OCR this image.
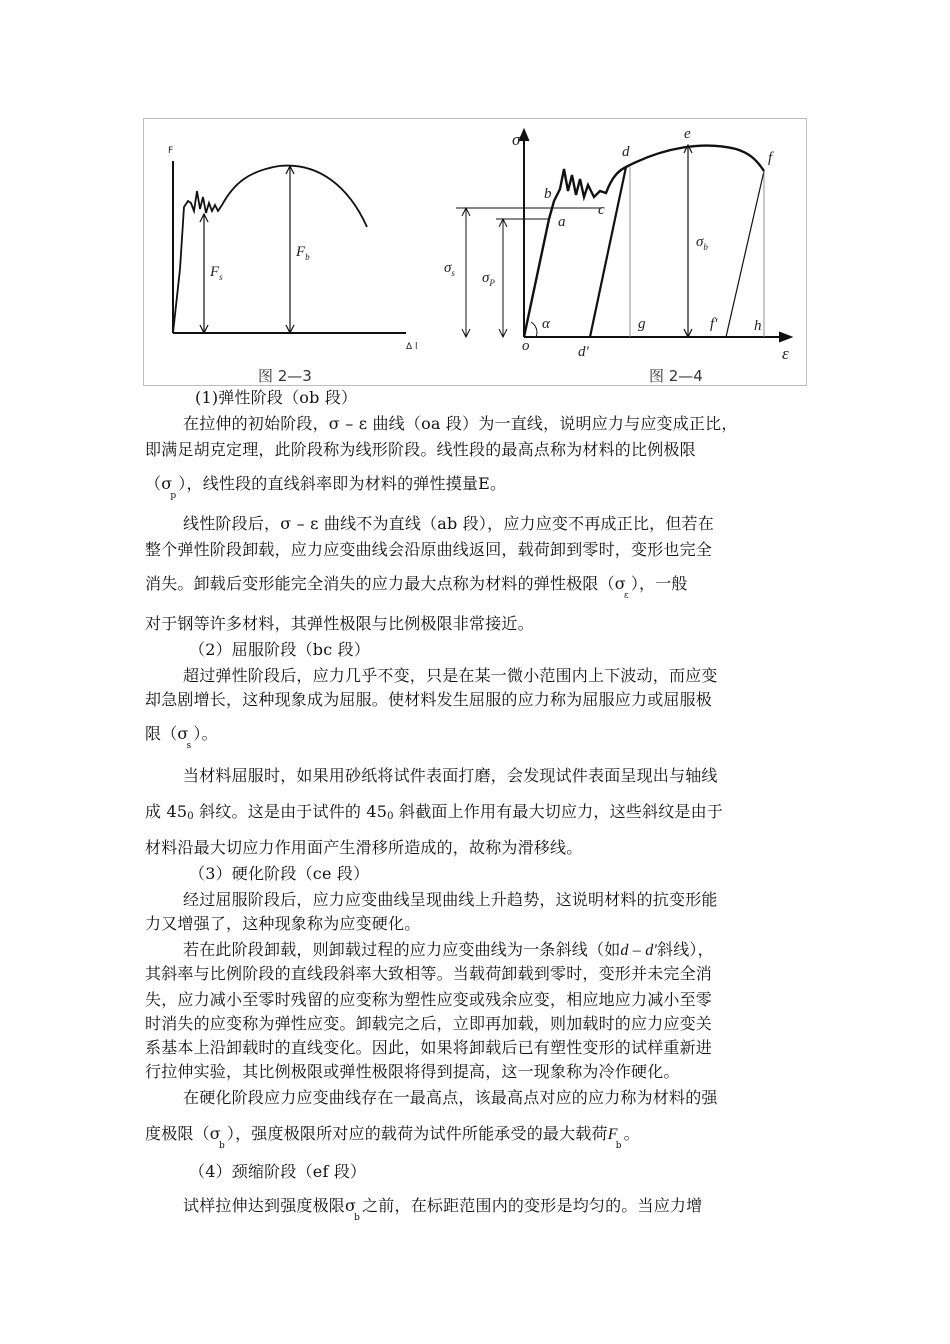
F
Δ l
$F_s$
$F_b$
图 2—3
σ
ε
o
a
b
c
d
e
f
g	h
d'
f'
α
$\sigma_s$ $\sigma_P$
$\sigma_b$
图 2—4
(1)弹性阶段（ob 段）
在拉伸的初始阶段，σ – ε 曲线（oa 段）为一直线，说明应力与应变成正比，
即满足胡克定理，此阶段称为线形阶段。线性段的最高点称为材料的比例极限
$(\sigma_p)$，线性段的直线斜率即为材料的弹性摸量E。
线性阶段后，σ – ε 曲线不为直线（ab 段），应力应变不再成正比，但若在
整个弹性阶段卸载，应力应变曲线会沿原曲线返回，载荷卸到零时，变形也完全
消失。卸载后变形能完全消失的应力最大点称为材料的弹性极限$(\sigma_\varepsilon)$，一般
对于钢等许多材料，其弹性极限与比例极限非常接近。
（2）屈服阶段（bc 段）
超过弹性阶段后，应力几乎不变，只是在某一微小范围内上下波动，而应变
却急剧增长，这种现象成为屈服。使材料发生屈服的应力称为屈服应力或屈服极
限$(\sigma_s)$。
当材料屈服时，如果用砂纸将试件表面打磨，会发现试件表面呈现出与轴线
成 450 斜纹。这是由于试件的 450 斜截面上作用有最大切应力，这些斜纹是由于
材料沿最大切应力作用面产生滑移所造成的，故称为滑移线。
（3）硬化阶段（ce 段）
经过屈服阶段后，应力应变曲线呈现曲线上升趋势，这说明材料的抗变形能
力又增强了，这种现象称为应变硬化。
若在此阶段卸载，则卸载过程的应力应变曲线为一条斜线（如d – d'斜线），
其斜率与比例阶段的直线段斜率大致相等。当载荷卸载到零时，变形并未完全消
失，应力减小至零时残留的应变称为塑性应变或残余应变，相应地应力减小至零
时消失的应变称为弹性应变。卸载完之后，立即再加载，则加载时的应力应变关
系基本上沿卸载时的直线变化。因此，如果将卸载后已有塑性变形的试样重新进
行拉伸实验，其比例极限或弹性极限将得到提高，这一现象称为冷作硬化。
在硬化阶段应力应变曲线存在一最高点，该最高点对应的应力称为材料的强
度极限$(\sigma_b)$，强度极限所对应的载荷为试件所能承受的最大载荷$F_b$。
（4）颈缩阶段（ef 段）
试样拉伸达到强度极限$\sigma_b$之前，在标距范围内的变形是均匀的。当应力增
